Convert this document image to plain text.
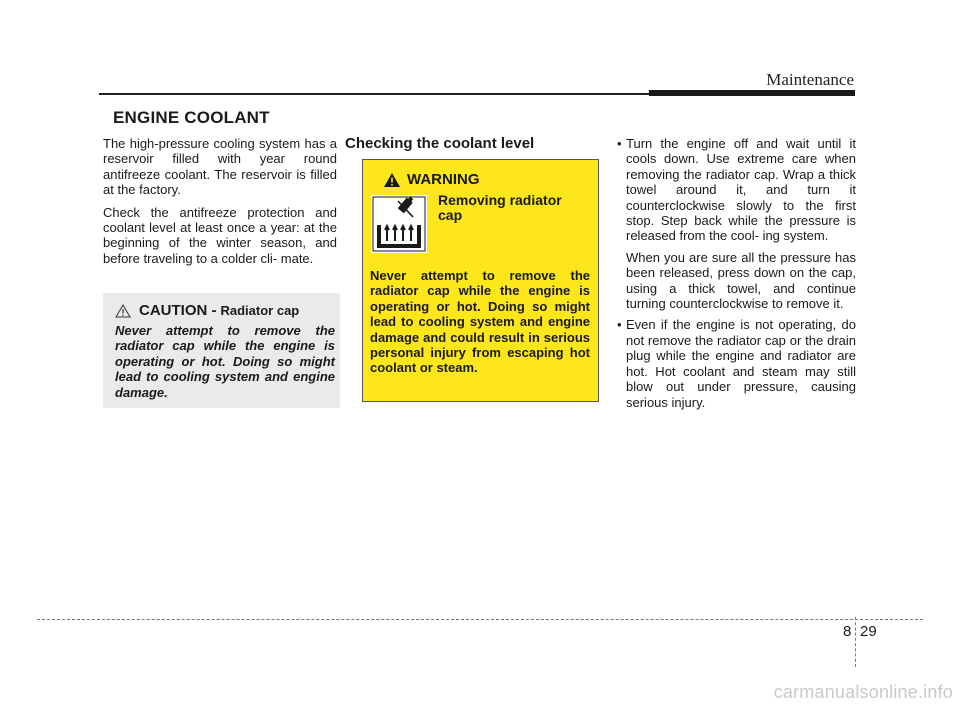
Maintenance
ENGINE COOLANT

The high-pressure cooling system has a reservoir filled with year round antifreeze coolant. The reservoir is filled at the factory.

Check the antifreeze protection and coolant level at least once a year: at the beginning of the winter season, and before traveling to a colder cli- mate.

CAUTION - Radiator cap
Never attempt to remove the radiator cap while the engine is operating or hot. Doing so might lead to cooling system and engine damage.
Checking the coolant level
WARNING
Removing radiator cap
Never attempt to remove the radiator cap while the engine is operating or hot. Doing so might lead to cooling system and engine damage and could result in serious personal injury from escaping hot coolant or steam.

• Turn the engine off and wait until it cools down. Use extreme care when removing the radiator cap. Wrap a thick towel around it, and turn it counterclockwise slowly to the first stop. Step back while the pressure is released from the cool- ing system.

When you are sure all the pressure has been released, press down on the cap, using a thick towel, and continue turning counterclockwise to remove it.

• Even if the engine is not operating, do not remove the radiator cap or the drain plug while the engine and radiator are hot. Hot coolant and steam may still blow out under pressure, causing serious injury.

8 29
carmanualsonline.info
